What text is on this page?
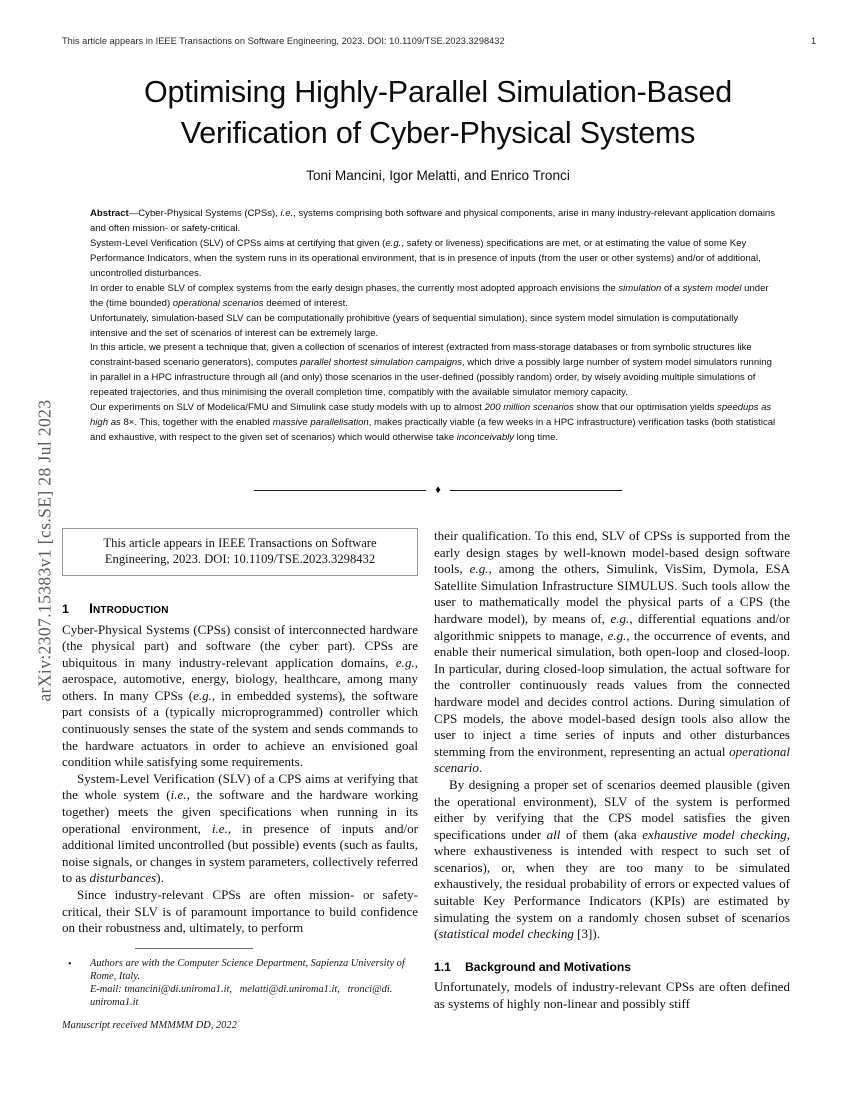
arXiv:2307.15383v1 [cs.SE] 28 Jul 2023
This article appears in IEEE Transactions on Software Engineering, 2023. DOI: 10.1109/TSE.2023.3298432	1
Optimising Highly-Parallel Simulation-Based
Verification of Cyber-Physical Systems
Toni Mancini, Igor Melatti, and Enrico Tronci

Abstract—Cyber-Physical Systems (CPSs), i.e., systems comprising both software and physical components, arise in many industry-relevant application domains and often mission- or safety-critical.

System-Level Verification (SLV) of CPSs aims at certifying that given (e.g., safety or liveness) specifications are met, or at estimating the value of some Key Performance Indicators, when the system runs in its operational environment, that is in presence of inputs (from the user or other systems) and/or of additional, uncontrolled disturbances.

In order to enable SLV of complex systems from the early design phases, the currently most adopted approach envisions the simulation of a system model under the (time bounded) operational scenarios deemed of interest.

Unfortunately, simulation-based SLV can be computationally prohibitive (years of sequential simulation), since system model simulation is computationally intensive and the set of scenarios of interest can be extremely large.

In this article, we present a technique that, given a collection of scenarios of interest (extracted from mass-storage databases or from symbolic structures like constraint-based scenario generators), computes parallel shortest simulation campaigns, which drive a possibly large number of system model simulators running in parallel in a HPC infrastructure through all (and only) those scenarios in the user-defined (possibly random) order, by wisely avoiding multiple simulations of repeated trajectories, and thus minimising the overall completion time, compatibly with the available simulator memory capacity.

Our experiments on SLV of Modelica/FMU and Simulink case study models with up to almost 200 million scenarios show that our optimisation yields speedups as high as 8×. This, together with the enabled massive parallelisation, makes practically viable (a few weeks in a HPC infrastructure) verification tasks (both statistical and exhaustive, with respect to the given set of scenarios) which would otherwise take inconceivably long time.

♦
This article appears in IEEE Transactions on Software
Engineering, 2023. DOI: 10.1109/TSE.2023.3298432
1	Introduction

Cyber-Physical Systems (CPSs) consist of interconnected hardware (the physical part) and software (the cyber part). CPSs are ubiquitous in many industry-relevant application domains, e.g., aerospace, automotive, energy, biology, healthcare, among many others. In many CPSs (e.g., in embedded systems), the software part consists of a (typically microprogrammed) controller which continuously senses the state of the system and sends commands to the hardware actuators in order to achieve an envisioned goal condition while satisfying some requirements.

System-Level Verification (SLV) of a CPS aims at verifying that the whole system (i.e., the software and the hardware working together) meets the given specifications when running in its operational environment, i.e., in presence of inputs and/or additional limited uncontrolled (but possible) events (such as faults, noise signals, or changes in system parameters, collectively referred to as disturbances).

Since industry-relevant CPSs are often mission- or safety-critical, their SLV is of paramount importance to build confidence on their robustness and, ultimately, to perform

their qualification. To this end, SLV of CPSs is supported from the early design stages by well-known model-based design software tools, e.g., among the others, Simulink, VisSim, Dymola, ESA Satellite Simulation Infrastructure SIMULUS. Such tools allow the user to mathematically model the physical parts of a CPS (the hardware model), by means of, e.g., differential equations and/or algorithmic snippets to manage, e.g., the occurrence of events, and enable their numerical simulation, both open-loop and closed-loop. In particular, during closed-loop simulation, the actual software for the controller continuously reads values from the connected hardware model and decides control actions. During simulation of CPS models, the above model-based design tools also allow the user to inject a time series of inputs and other disturbances stemming from the environment, representing an actual operational scenario.

By designing a proper set of scenarios deemed plausible (given the operational environment), SLV of the system is performed either by verifying that the CPS model satisfies the given specifications under all of them (aka exhaustive model checking, where exhaustiveness is intended with respect to such set of scenarios), or, when they are too many to be simulated exhaustively, the residual probability of errors or expected values of suitable Key Performance Indicators (KPIs) are estimated by simulating the system on a randomly chosen subset of scenarios (statistical model checking [3]).

1.1	Background and Motivations

Unfortunately, models of industry-relevant CPSs are often defined as systems of highly non-linear and possibly stiff

•	Authors are with the Computer Science Department, Sapienza University of Rome, Italy.
E-mail: tmancini@di.uniroma1.it,   melatti@di.uniroma1.it,   tronci@di. uniroma1.it
Manuscript received MMMMM DD, 2022
